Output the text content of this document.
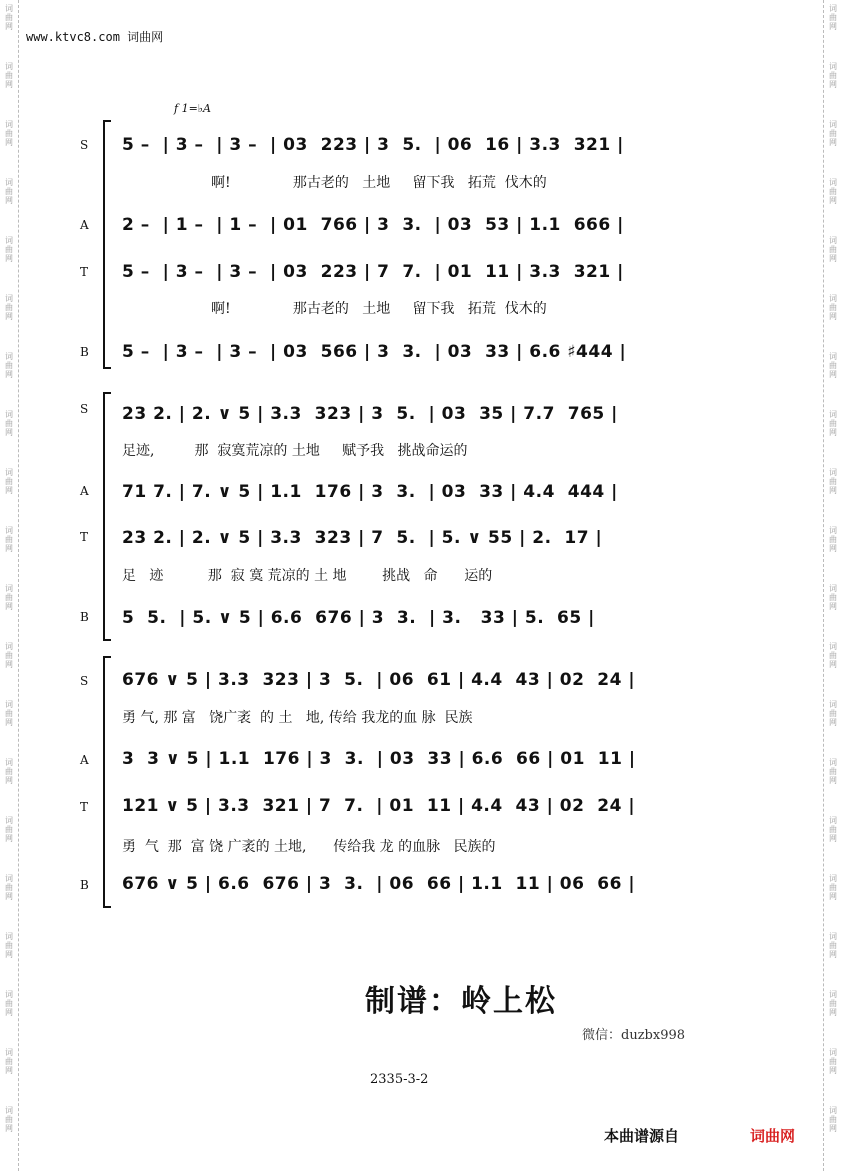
词
曲
网
词
曲
网
词
曲
网
词
曲
网
词
曲
网
词
曲
网
词
曲
网
词
曲
网
词
曲
网
词
曲
网
词
曲
网
词
曲
网
词
曲
网
词
曲
网
词
曲
网
词
曲
网
词
曲
网
词
曲
网
词
曲
网
词
曲
网
词
曲
网
词
曲
网
词
曲
网
词
曲
网
词
曲
网
词
曲
网
词
曲
网
词
曲
网
词
曲
网
词
曲
网
词
曲
网
词
曲
网
词
曲
网
词
曲
网
词
曲
网
词
曲
网
词
曲
网
词
曲
网
词
曲
网
词
曲
网
www.ktvc8.com 词曲网
f 1=♭A
S 5 –  | 3 –  | 3 –  | 03  223 | 3  5.  | 06  16 | 3.3  321 |
啊!              那古老的   土地     留下我   拓荒  伐木的
A 2 –  | 1 –  | 1 –  | 01  766 | 3  3.  | 03  53 | 1.1  666 |
T 5 –  | 3 –  | 3 –  | 03  223 | 7  7.  | 01  11 | 3.3  321 |
啊!              那古老的   土地     留下我   拓荒  伐木的
B 5 –  | 3 –  | 3 –  | 03  566 | 3  3.  | 03  33 | 6.6 ♯444 |
S 23 2. | 2. ∨ 5 | 3.3  323 | 3  5.  | 03  35 | 7.7  765 |
足迹,         那  寂寞荒凉的 土地     赋予我   挑战命运的
A 71 7. | 7. ∨ 5 | 1.1  176 | 3  3.  | 03  33 | 4.4  444 |
T 23 2. | 2. ∨ 5 | 3.3  323 | 7  5.  | 5. ∨ 55 | 2.  17 |
足   迹          那  寂 寞 荒凉的 土 地        挑战   命      运的
B 5  5.  | 5. ∨ 5 | 6.6  676 | 3  3.  | 3.   33 | 5.  65 |
S 676 ∨ 5 | 3.3  323 | 3  5.  | 06  61 | 4.4  43 | 02  24 |
勇 气, 那 富   饶广袤  的 土   地, 传给 我龙的血 脉  民族
A 3  3 ∨ 5 | 1.1  176 | 3  3.  | 03  33 | 6.6  66 | 01  11 |
T 121 ∨ 5 | 3.3  321 | 7  7.  | 01  11 | 4.4  43 | 02  24 |
勇  气  那  富 饶 广袤的 土地,      传给我 龙 的血脉   民族的
B 676 ∨ 5 | 6.6  676 | 3  3.  | 06  66 | 1.1  11 | 06  66 |
制谱：岭上松
微信：duzbx998
2335-3-2
本曲谱源自	词曲网
